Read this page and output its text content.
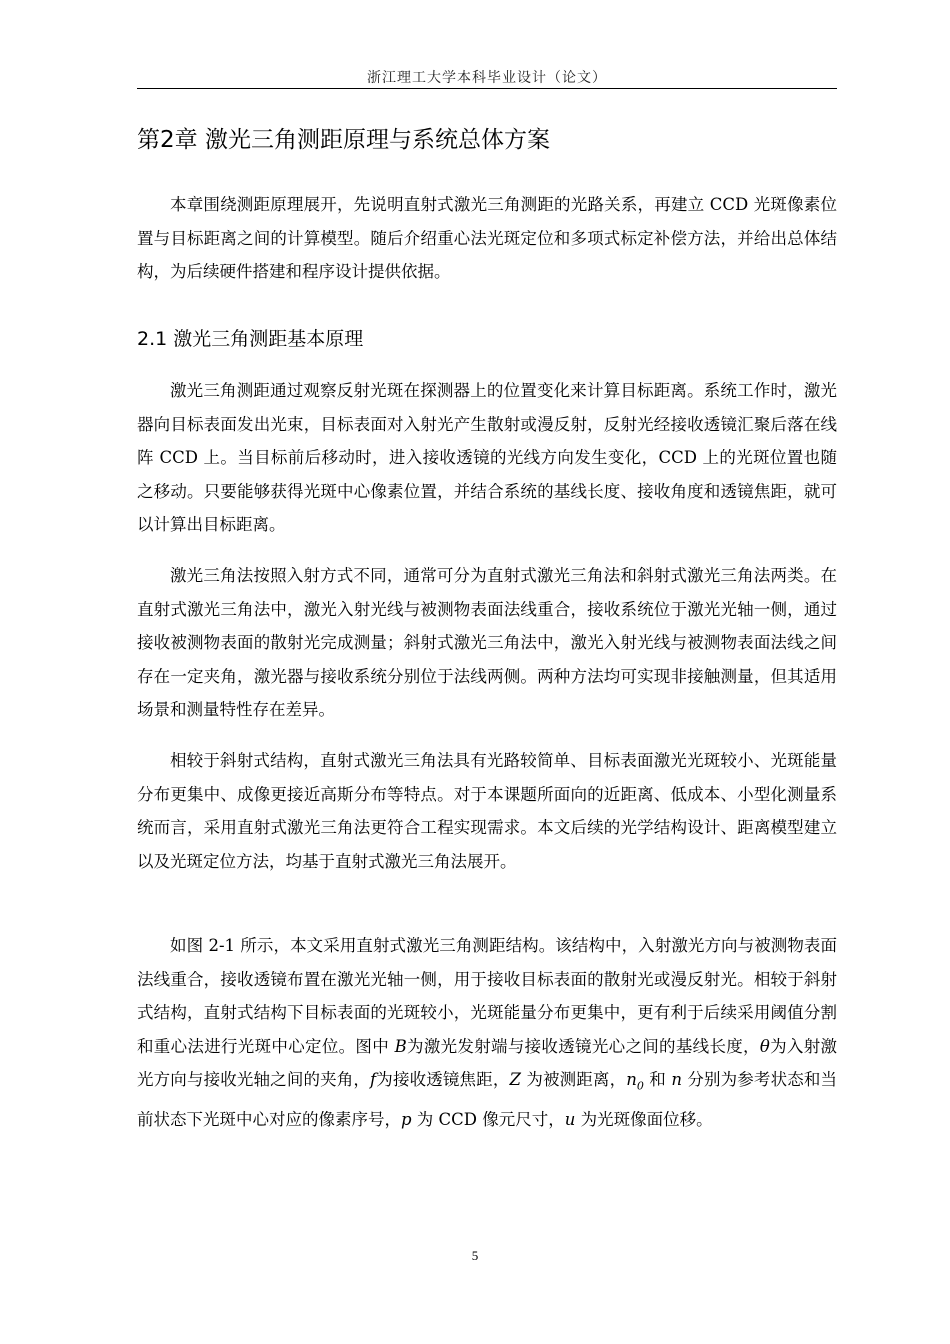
浙江理工大学本科毕业设计（论文）
第2章 激光三角测距原理与系统总体方案

本章围绕测距原理展开，先说明直射式激光三角测距的光路关系，再建立 CCD 光斑像素位置与目标距离之间的计算模型。随后介绍重心法光斑定位和多项式标定补偿方法，并给出总体结构，为后续硬件搭建和程序设计提供依据。

2.1 激光三角测距基本原理

激光三角测距通过观察反射光斑在探测器上的位置变化来计算目标距离。系统工作时，激光器向目标表面发出光束，目标表面对入射光产生散射或漫反射，反射光经接收透镜汇聚后落在线阵 CCD 上。当目标前后移动时，进入接收透镜的光线方向发生变化，CCD 上的光斑位置也随之移动。只要能够获得光斑中心像素位置，并结合系统的基线长度、接收角度和透镜焦距，就可以计算出目标距离。

激光三角法按照入射方式不同，通常可分为直射式激光三角法和斜射式激光三角法两类。在直射式激光三角法中，激光入射光线与被测物表面法线重合，接收系统位于激光光轴一侧，通过接收被测物表面的散射光完成测量；斜射式激光三角法中，激光入射光线与被测物表面法线之间存在一定夹角，激光器与接收系统分别位于法线两侧。两种方法均可实现非接触测量，但其适用场景和测量特性存在差异。

相较于斜射式结构，直射式激光三角法具有光路较简单、目标表面激光光斑较小、光斑能量分布更集中、成像更接近高斯分布等特点。对于本课题所面向的近距离、低成本、小型化测量系统而言，采用直射式激光三角法更符合工程实现需求。本文后续的光学结构设计、距离模型建立以及光斑定位方法，均基于直射式激光三角法展开。

如图 2-1 所示，本文采用直射式激光三角测距结构。该结构中，入射激光方向与被测物表面法线重合，接收透镜布置在激光光轴一侧，用于接收目标表面的散射光或漫反射光。相较于斜射式结构，直射式结构下目标表面的光斑较小，光斑能量分布更集中，更有利于后续采用阈值分割和重心法进行光斑中心定位。图中 B为激光发射端与接收透镜光心之间的基线长度，θ为入射激光方向与接收光轴之间的夹角，f为接收透镜焦距，Z 为被测距离，$n_0$ 和 n 分别为参考状态和当前状态下光斑中心对应的像素序号，p 为 CCD 像元尺寸，u 为光斑像面位移。

5
